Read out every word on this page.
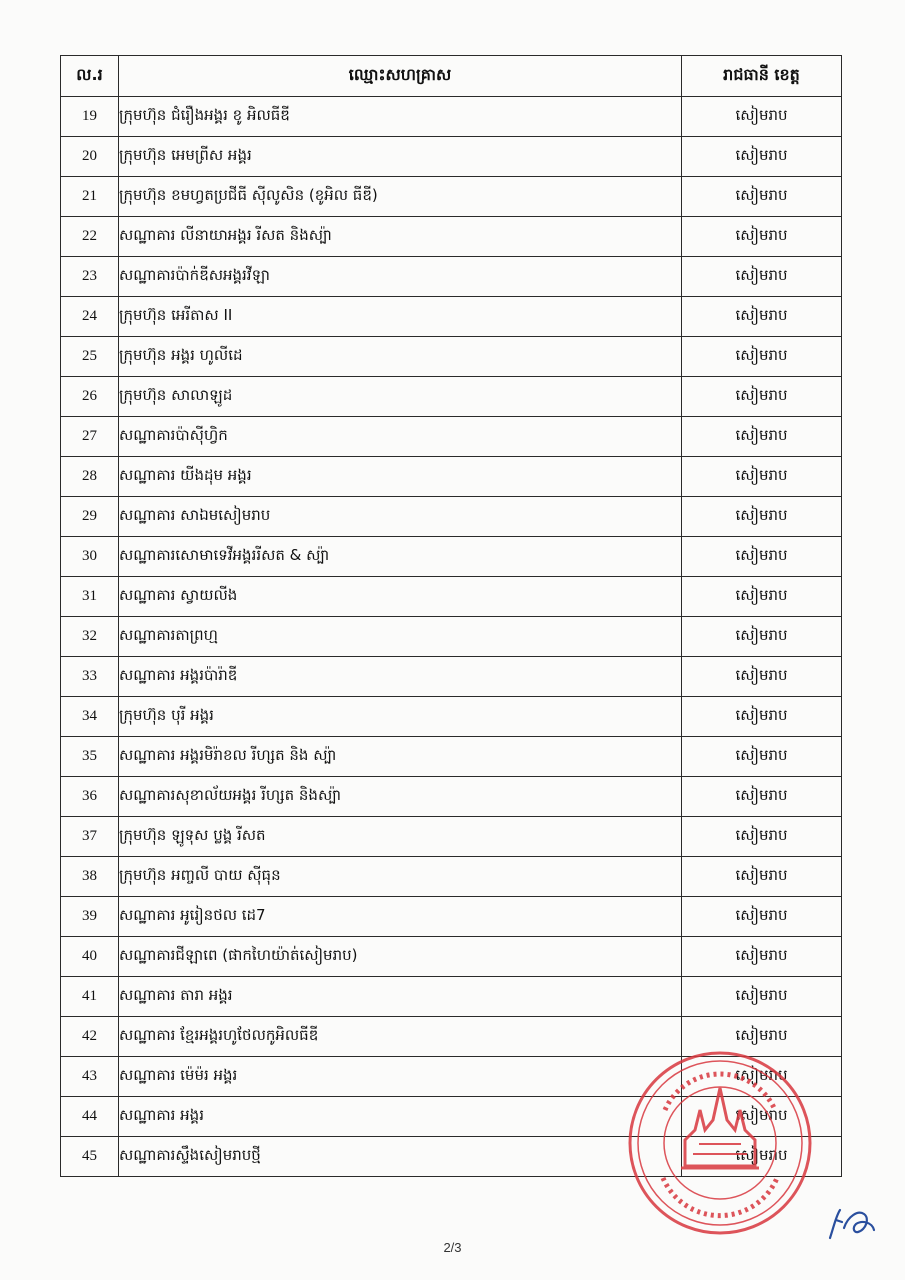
ល.រ	ឈ្មោះសហគ្រាស	រាជធានី ខេត្ត
19	ក្រុមហ៊ុន ជំរឿងអង្គរ ខូ អិលធីឌី	សៀមរាប
20	ក្រុមហ៊ុន អេមព្រីស អង្គរ	សៀមរាប
21	ក្រុមហ៊ុន ខមហ្វតប្រជីធី ស៊ីលូសិន (ខូអិល ធីឌី)	សៀមរាប
22	សណ្ឋាគារ លីនាយាអង្គរ រីសត និងស្ប៉ា	សៀមរាប
23	សណ្ឋាគារប៉ាក់ឌីសអង្គរវីឡា	សៀមរាប
24	ក្រុមហ៊ុន អេរីតាស II	សៀមរាប
25	ក្រុមហ៊ុន អង្គរ ហូលីដេ	សៀមរាប
26	ក្រុមហ៊ុន សាលាឡូដ	សៀមរាប
27	សណ្ឋាគារប៉ាស៊ីហ្វិក	សៀមរាប
28	សណ្ឋាគារ យីងដុម អង្គរ	សៀមរាប
29	សណ្ឋាគារ សាឯមសៀមរាប	សៀមរាប
30	សណ្ឋាគារសោមាទេវីអង្គររីសត & ស្ប៉ា	សៀមរាប
31	សណ្ឋាគារ ស្វាយលីង	សៀមរាប
32	សណ្ឋាគារតាព្រហ្ម	សៀមរាប
33	សណ្ឋាគារ អង្គរប៉ារ៉ាឌី	សៀមរាប
34	ក្រុមហ៊ុន បុរី អង្គរ	សៀមរាប
35	សណ្ឋាគារ អង្គរមិរ៉ាខល រីហ្សត និង ស្ប៉ា	សៀមរាប
36	សណ្ឋាគារសុខាល័យអង្គរ រីហ្សត និងស្ប៉ា	សៀមរាប
37	ក្រុមហ៊ុន ឡូទុស ប្លង្គ រីសត	សៀមរាប
38	ក្រុមហ៊ុន អញ្ចលី បាយ ស៊ីធុន	សៀមរាប
39	សណ្ឋាគារ អូរៀនថល ដេ7	សៀមរាប
40	សណ្ឋាគារជីឡាពេ (ផាកហៃយ៉ាត់សៀមរាប)	សៀមរាប
41	សណ្ឋាគារ តារា អង្គរ	សៀមរាប
42	សណ្ឋាគារ ខ្មែរអង្គរហូថែលកូអិលធីឌី	សៀមរាប
43	សណ្ឋាគារ ម៉េម៉រ អង្គរ	សៀមរាប
44	សណ្ឋាគារ អង្គរ	សៀមរាប
45	សណ្ឋាគារស្ទឹងសៀមរាបថ្មី	សៀមរាប
2/3
